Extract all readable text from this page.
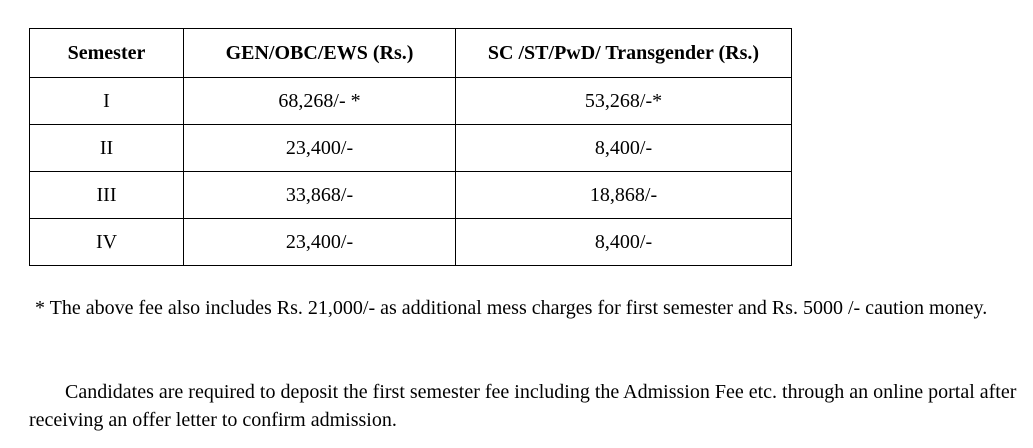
Semester	GEN/OBC/EWS (Rs.)	SC /ST/PwD/ Transgender (Rs.)
I	68,268/- *	53,268/-*
II	23,400/-	8,400/-
III	33,868/-	18,868/-
IV	23,400/-	8,400/-

* The above fee also includes Rs. 21,000/- as additional mess charges for first semester and Rs. 5000 /- caution money.

Candidates are required to deposit the first semester fee including the Admission Fee etc. through an online portal after receiving an offer letter to confirm admission.
